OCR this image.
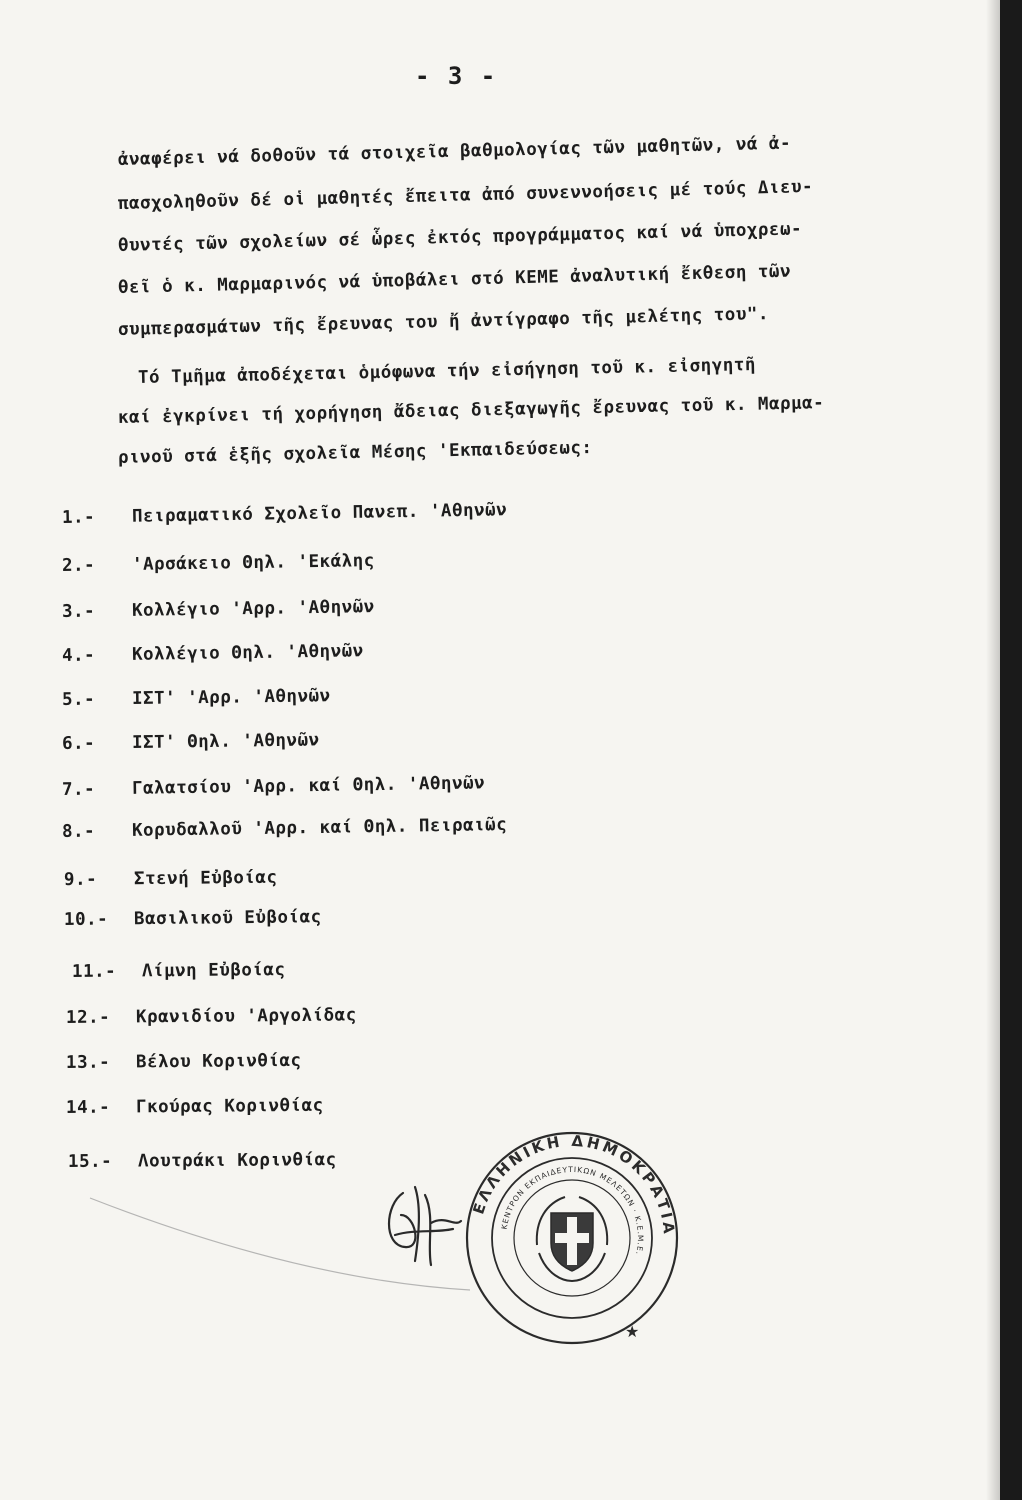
- 3 -
ἀναφέρει νά δοθοῦν τά στοιχεῖα βαθμολογίας τῶν μαθητῶν, νά ἀ-
πασχοληθοῦν δέ οἱ μαθητές ἔπειτα ἀπό συνεννοήσεις μέ τούς Διευ-
θυντές τῶν σχολείων σέ ὧρες ἐκτός προγράμματος καί νά ὑποχρεω-
θεῖ ὁ κ. Μαρμαρινός νά ὑποβάλει στό ΚΕΜΕ ἀναλυτική ἔκθεση τῶν
συμπερασμάτων τῆς ἔρευνας του ἤ ἀντίγραφο τῆς μελέτης του".
Τό Τμῆμα ἀποδέχεται ὁμόφωνα τήν εἰσήγηση τοῦ κ. εἰσηγητῆ
καί ἐγκρίνει τή χορήγηση ἄδειας διεξαγωγῆς ἔρευνας τοῦ κ. Μαρμα-
ρινοῦ στά ἑξῆς σχολεῖα Μέσης 'Εκπαιδεύσεως:
1.- Πειραματικό Σχολεῖο Πανεπ. 'Αθηνῶν
2.- 'Αρσάκειο Θηλ. 'Εκάλης
3.- Κολλέγιο 'Αρρ. 'Αθηνῶν
4.- Κολλέγιο Θηλ. 'Αθηνῶν
5.- ΙΣΤ' 'Αρρ. 'Αθηνῶν
6.- ΙΣΤ' Θηλ. 'Αθηνῶν
7.- Γαλατσίου 'Αρρ. καί Θηλ. 'Αθηνῶν
8.- Κορυδαλλοῦ 'Αρρ. καί Θηλ. Πειραιῶς
9.- Στενή Εὐβοίας
10.- Βασιλικοῦ Εὐβοίας
11.- Λίμνη Εὐβοίας
12.- Κρανιδίου 'Αργολίδας
13.- Βέλου Κορινθίας
14.- Γκούρας Κορινθίας
15.- Λουτράκι Κορινθίας
ΕΛΛΗΝΙΚΗ ΔΗΜΟΚΡΑΤΙΑ
ΚΕΝΤΡΟΝ ΕΚΠΑΙΔΕΥΤΙΚΩΝ ΜΕΛΕΤΩΝ · Κ.Ε.Μ.Ε.
★
